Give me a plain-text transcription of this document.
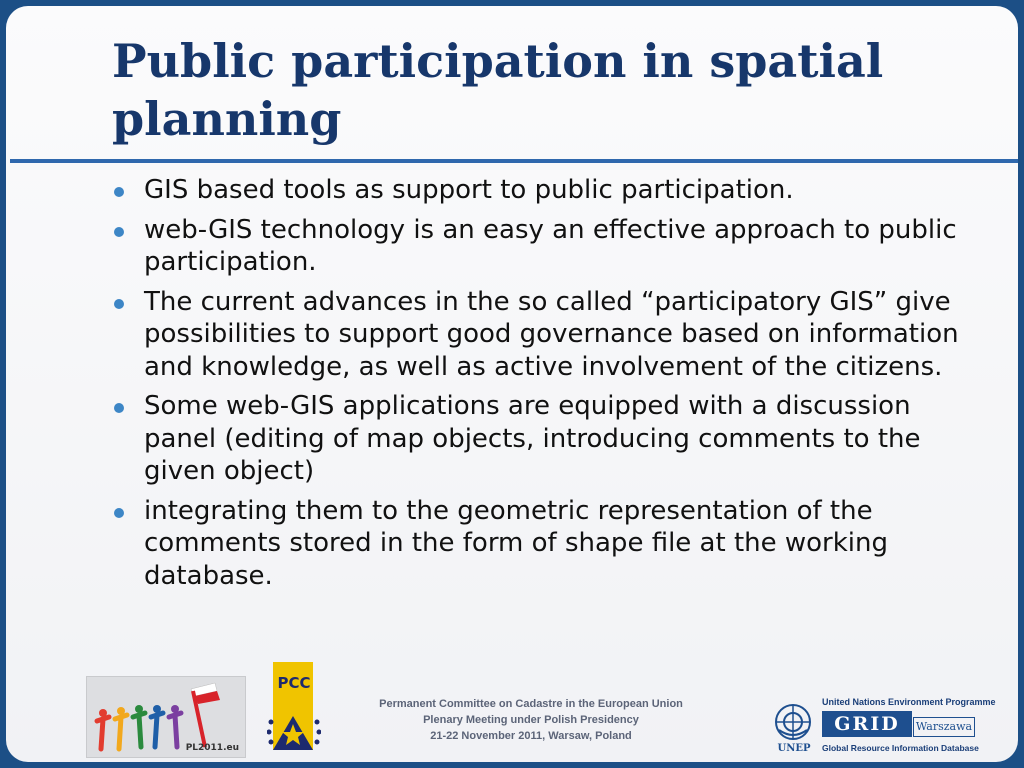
Public participation in spatial planning
GIS based tools as support to public participation.
web-GIS technology is an easy an effective approach to public participation.
The current advances in the so called “participatory GIS” give possibilities to support good governance based on information and knowledge, as well as active involvement of the citizens.
Some web-GIS applications are equipped with a discussion panel (editing of map objects, introducing comments to the given object)
integrating them to the geometric representation of the comments stored in the form of shape file at the working database.
PL2011.eu
PCC

Permanent Committee on Cadastre in the European Union
Plenary Meeting under Polish Presidency
21-22 November 2011, Warsaw, Poland

UNEP
United Nations Environment Programme
GRID	Warszawa
Global Resource Information Database
